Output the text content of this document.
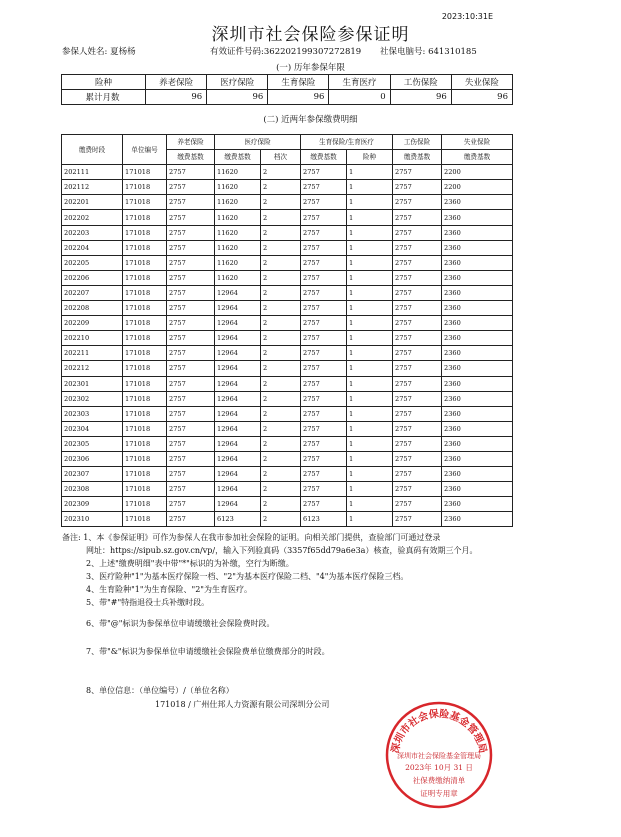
2023:10:31E
深圳市社会保险参保证明
参保人姓名: 夏杨杨	有效证件号码:362202199307272819 社保电脑号: 641310185
(一) 历年参保年限
险种	养老保险	医疗保险	生育保险	生育医疗	工伤保险	失业保险
累计月数	96	96	96	0	96	96
(二) 近两年参保缴费明细
缴费时段	单位编号	养老保险	医疗保险		生育保险/生育医疗		工伤保险	失业保险
		缴费基数	缴费基数	档次	缴费基数	险种	缴费基数	缴费基数
202111	171018	2757	11620	2	2757	1	2757	2200
202112	171018	2757	11620	2	2757	1	2757	2200
202201	171018	2757	11620	2	2757	1	2757	2360
202202	171018	2757	11620	2	2757	1	2757	2360
202203	171018	2757	11620	2	2757	1	2757	2360
202204	171018	2757	11620	2	2757	1	2757	2360
202205	171018	2757	11620	2	2757	1	2757	2360
202206	171018	2757	11620	2	2757	1	2757	2360
202207	171018	2757	12964	2	2757	1	2757	2360
202208	171018	2757	12964	2	2757	1	2757	2360
202209	171018	2757	12964	2	2757	1	2757	2360
202210	171018	2757	12964	2	2757	1	2757	2360
202211	171018	2757	12964	2	2757	1	2757	2360
202212	171018	2757	12964	2	2757	1	2757	2360
202301	171018	2757	12964	2	2757	1	2757	2360
202302	171018	2757	12964	2	2757	1	2757	2360
202303	171018	2757	12964	2	2757	1	2757	2360
202304	171018	2757	12964	2	2757	1	2757	2360
202305	171018	2757	12964	2	2757	1	2757	2360
202306	171018	2757	12964	2	2757	1	2757	2360
202307	171018	2757	12964	2	2757	1	2757	2360
202308	171018	2757	12964	2	2757	1	2757	2360
202309	171018	2757	12964	2	2757	1	2757	2360
202310	171018	2757	6123	2	6123	1	2757	2360
备注: 1、本《参保证明》可作为参保人在我市参加社会保险的证明。向相关部门提供，查验部门可通过登录
网址：https://sipub.sz.gov.cn/vp/，输入下列验真码（3357f65dd79a6e3a）核查，验真码有效期三个月。
2、上述"缴费明细"表中带"*"标识的为补缴，空行为断缴。
3、医疗险种"1"为基本医疗保险一档、"2"为基本医疗保险二档、"4"为基本医疗保险三档。
4、生育险种"1"为生育保险、"2"为生育医疗。
5、带"#"特指退役士兵补缴时段。
6、带"@"标识为参保单位申请缓缴社会保险费时段。
7、带"&"标识为参保单位申请缓缴社会保险费单位缴费部分的时段。
8、单位信息：（单位编号）/（单位名称）
171018 / 广州仕邦人力资源有限公司深圳分公司
深圳市社会保险基金管理局
深圳市社会保险基金管理局
2023年 10月 31 日
社保费缴纳清单
证明专用章
